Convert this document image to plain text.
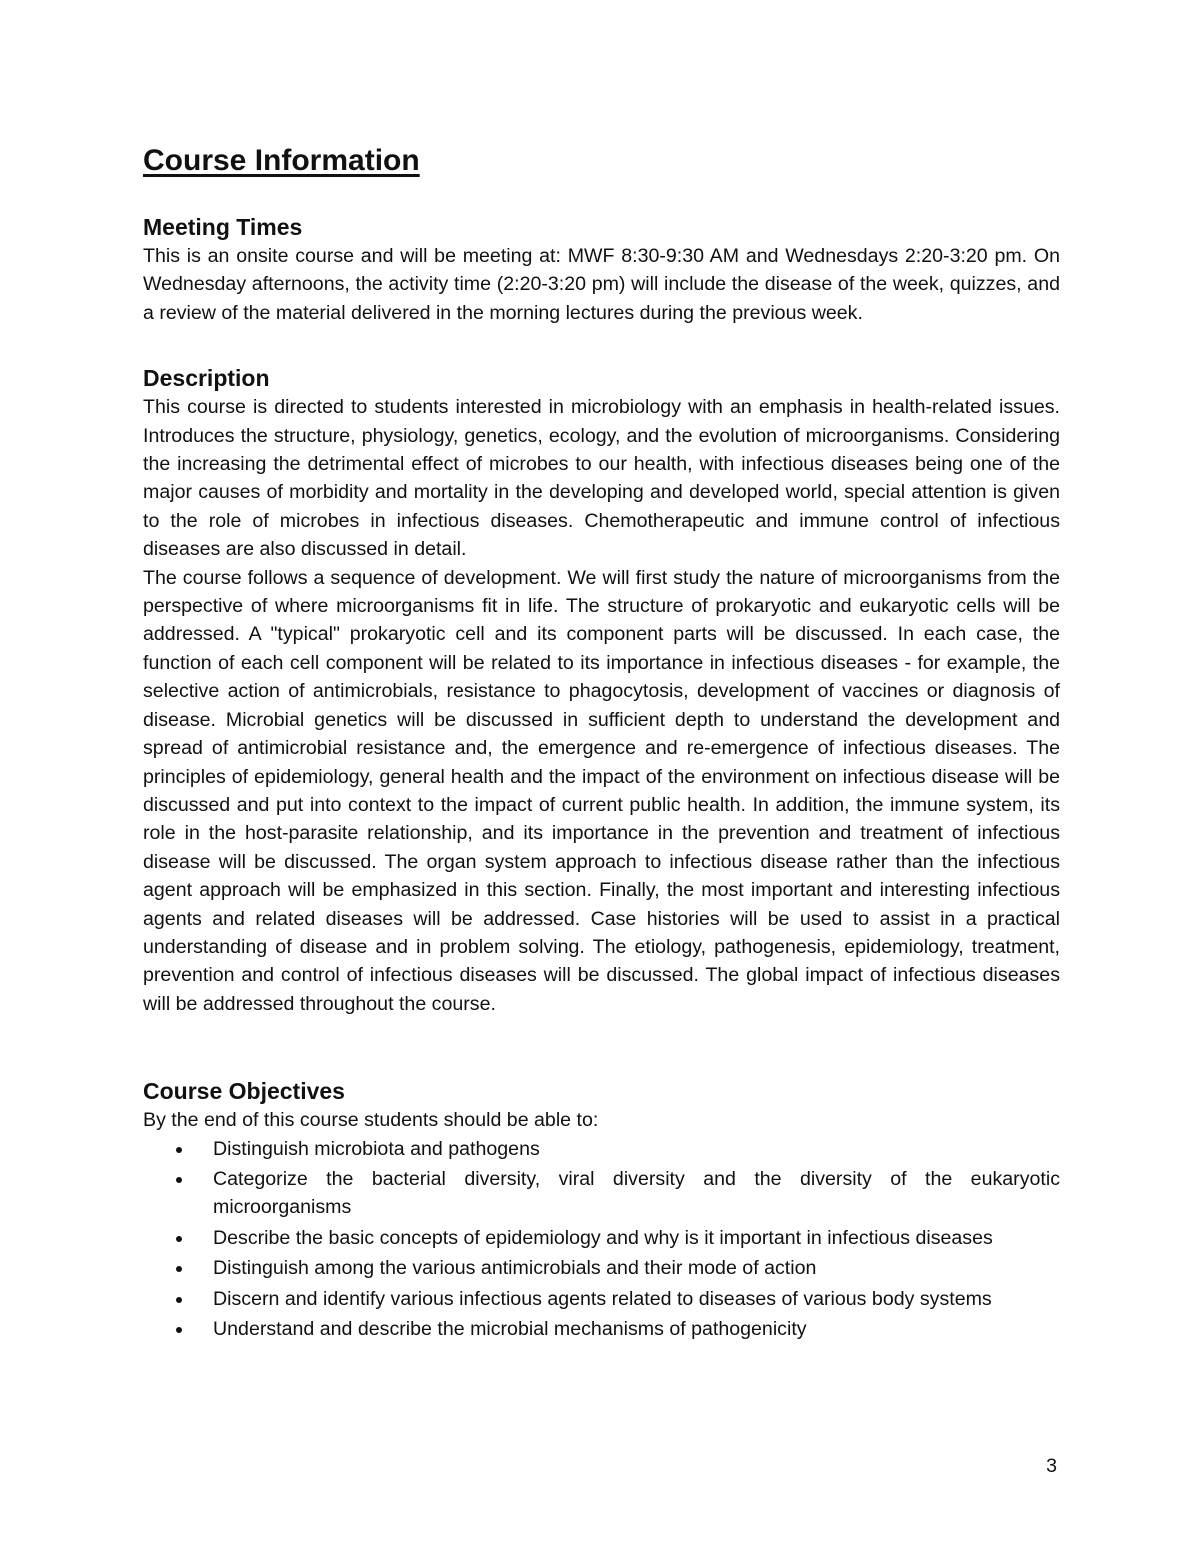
Course Information
Meeting Times

This is an onsite course and will be meeting at: MWF 8:30-9:30 AM and Wednesdays 2:20-3:20 pm. On Wednesday afternoons, the activity time (2:20-3:20 pm) will include the disease of the week, quizzes, and a review of the material delivered in the morning lectures during the previous week.

Description

This course is directed to students interested in microbiology with an emphasis in health-related issues. Introduces the structure, physiology, genetics, ecology, and the evolution of microorganisms. Considering the increasing the detrimental effect of microbes to our health, with infectious diseases being one of the major causes of morbidity and mortality in the developing and developed world, special attention is given to the role of microbes in infectious diseases. Chemotherapeutic and immune control of infectious diseases are also discussed in detail.

The course follows a sequence of development. We will first study the nature of microorganisms from the perspective of where microorganisms fit in life. The structure of prokaryotic and eukaryotic cells will be addressed. A "typical" prokaryotic cell and its component parts will be discussed. In each case, the function of each cell component will be related to its importance in infectious diseases - for example, the selective action of antimicrobials, resistance to phagocytosis, development of vaccines or diagnosis of disease. Microbial genetics will be discussed in sufficient depth to understand the development and spread of antimicrobial resistance and, the emergence and re-emergence of infectious diseases. The principles of epidemiology, general health and the impact of the environment on infectious disease will be discussed and put into context to the impact of current public health. In addition, the immune system, its role in the host-parasite relationship, and its importance in the prevention and treatment of infectious disease will be discussed. The organ system approach to infectious disease rather than the infectious agent approach will be emphasized in this section. Finally, the most important and interesting infectious agents and related diseases will be addressed. Case histories will be used to assist in a practical understanding of disease and in problem solving. The etiology, pathogenesis, epidemiology, treatment, prevention and control of infectious diseases will be discussed. The global impact of infectious diseases will be addressed throughout the course.

Course Objectives

By the end of this course students should be able to:

Distinguish microbiota and pathogens
Categorize the bacterial diversity, viral diversity and the diversity of the eukaryotic microorganisms
Describe the basic concepts of epidemiology and why is it important in infectious diseases
Distinguish among the various antimicrobials and their mode of action
Discern and identify various infectious agents related to diseases of various body systems
Understand and describe the microbial mechanisms of pathogenicity
3
